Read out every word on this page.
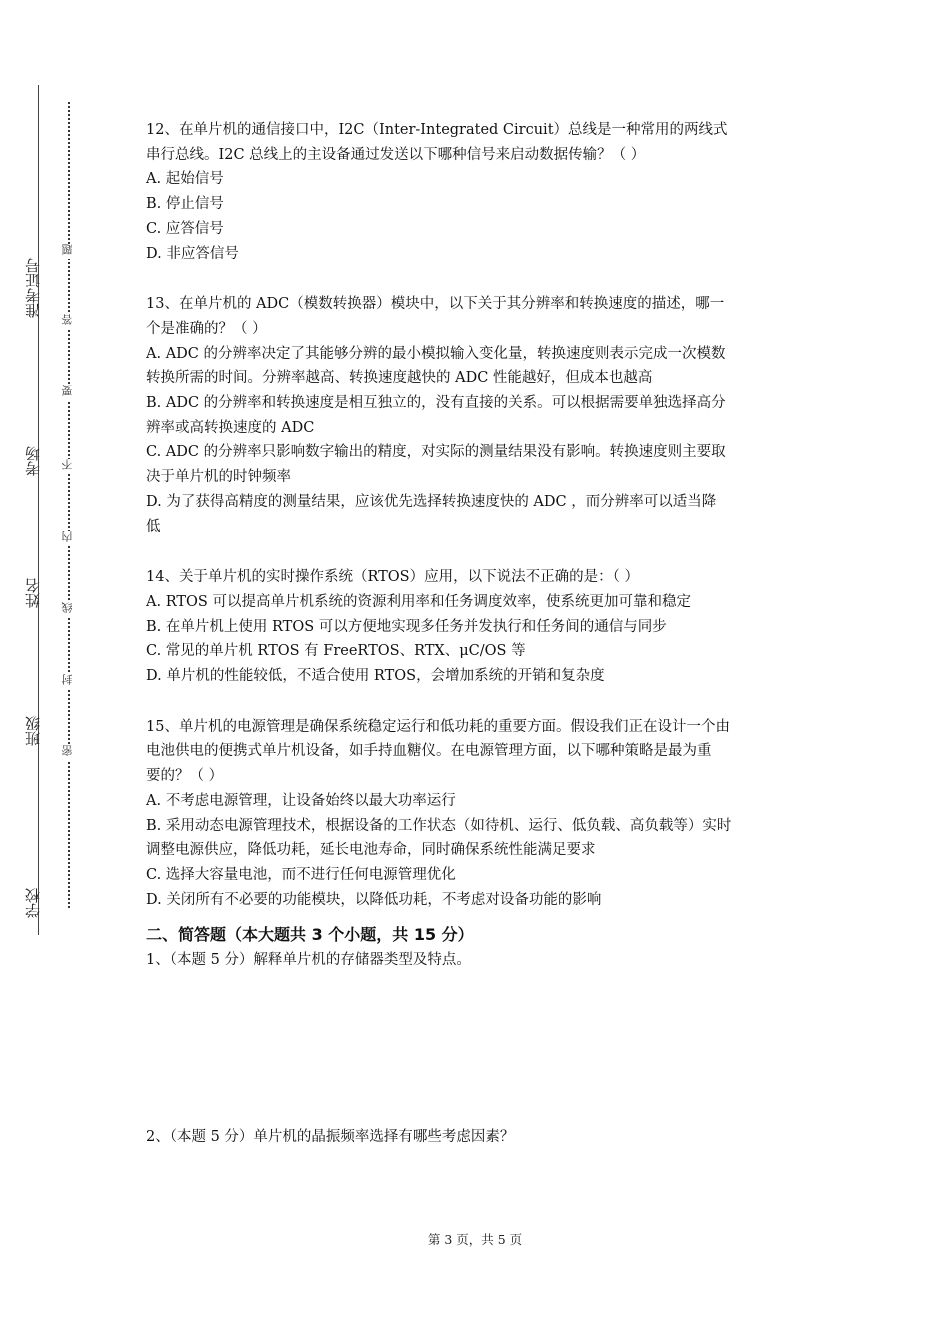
准考证号
考场
姓名
班级
学校
题
答
要
不
内
线
封
密

12、在单片机的通信接口中，I2C（Inter-Integrated Circuit）总线是一种常用的两线式

串行总线。I2C 总线上的主设备通过发送以下哪种信号来启动数据传输？（ ）

A. 起始信号

B. 停止信号

C. 应答信号

D. 非应答信号

13、在单片机的 ADC（模数转换器）模块中，以下关于其分辨率和转换速度的描述，哪一

个是准确的？（ ）

A. ADC 的分辨率决定了其能够分辨的最小模拟输入变化量，转换速度则表示完成一次模数

转换所需的时间。分辨率越高、转换速度越快的 ADC 性能越好，但成本也越高

B. ADC 的分辨率和转换速度是相互独立的，没有直接的关系。可以根据需要单独选择高分

辨率或高转换速度的 ADC

C. ADC 的分辨率只影响数字输出的精度，对实际的测量结果没有影响。转换速度则主要取

决于单片机的时钟频率

D. 为了获得高精度的测量结果，应该优先选择转换速度快的 ADC ，而分辨率可以适当降

低

14、关于单片机的实时操作系统（RTOS）应用，以下说法不正确的是：（ ）

A. RTOS 可以提高单片机系统的资源利用率和任务调度效率，使系统更加可靠和稳定

B. 在单片机上使用 RTOS 可以方便地实现多任务并发执行和任务间的通信与同步

C. 常见的单片机 RTOS 有 FreeRTOS、RTX、μC/OS 等

D. 单片机的性能较低，不适合使用 RTOS，会增加系统的开销和复杂度

15、单片机的电源管理是确保系统稳定运行和低功耗的重要方面。假设我们正在设计一个由

电池供电的便携式单片机设备，如手持血糖仪。在电源管理方面，以下哪种策略是最为重

要的？（ ）

A. 不考虑电源管理，让设备始终以最大功率运行

B. 采用动态电源管理技术，根据设备的工作状态（如待机、运行、低负载、高负载等）实时

调整电源供应，降低功耗，延长电池寿命，同时确保系统性能满足要求

C. 选择大容量电池，而不进行任何电源管理优化

D. 关闭所有不必要的功能模块，以降低功耗，不考虑对设备功能的影响

二、简答题（本大题共 3 个小题，共 15 分）

1、（本题 5 分）解释单片机的存储器类型及特点。

2、（本题 5 分）单片机的晶振频率选择有哪些考虑因素？

第 3 页，共 5 页
